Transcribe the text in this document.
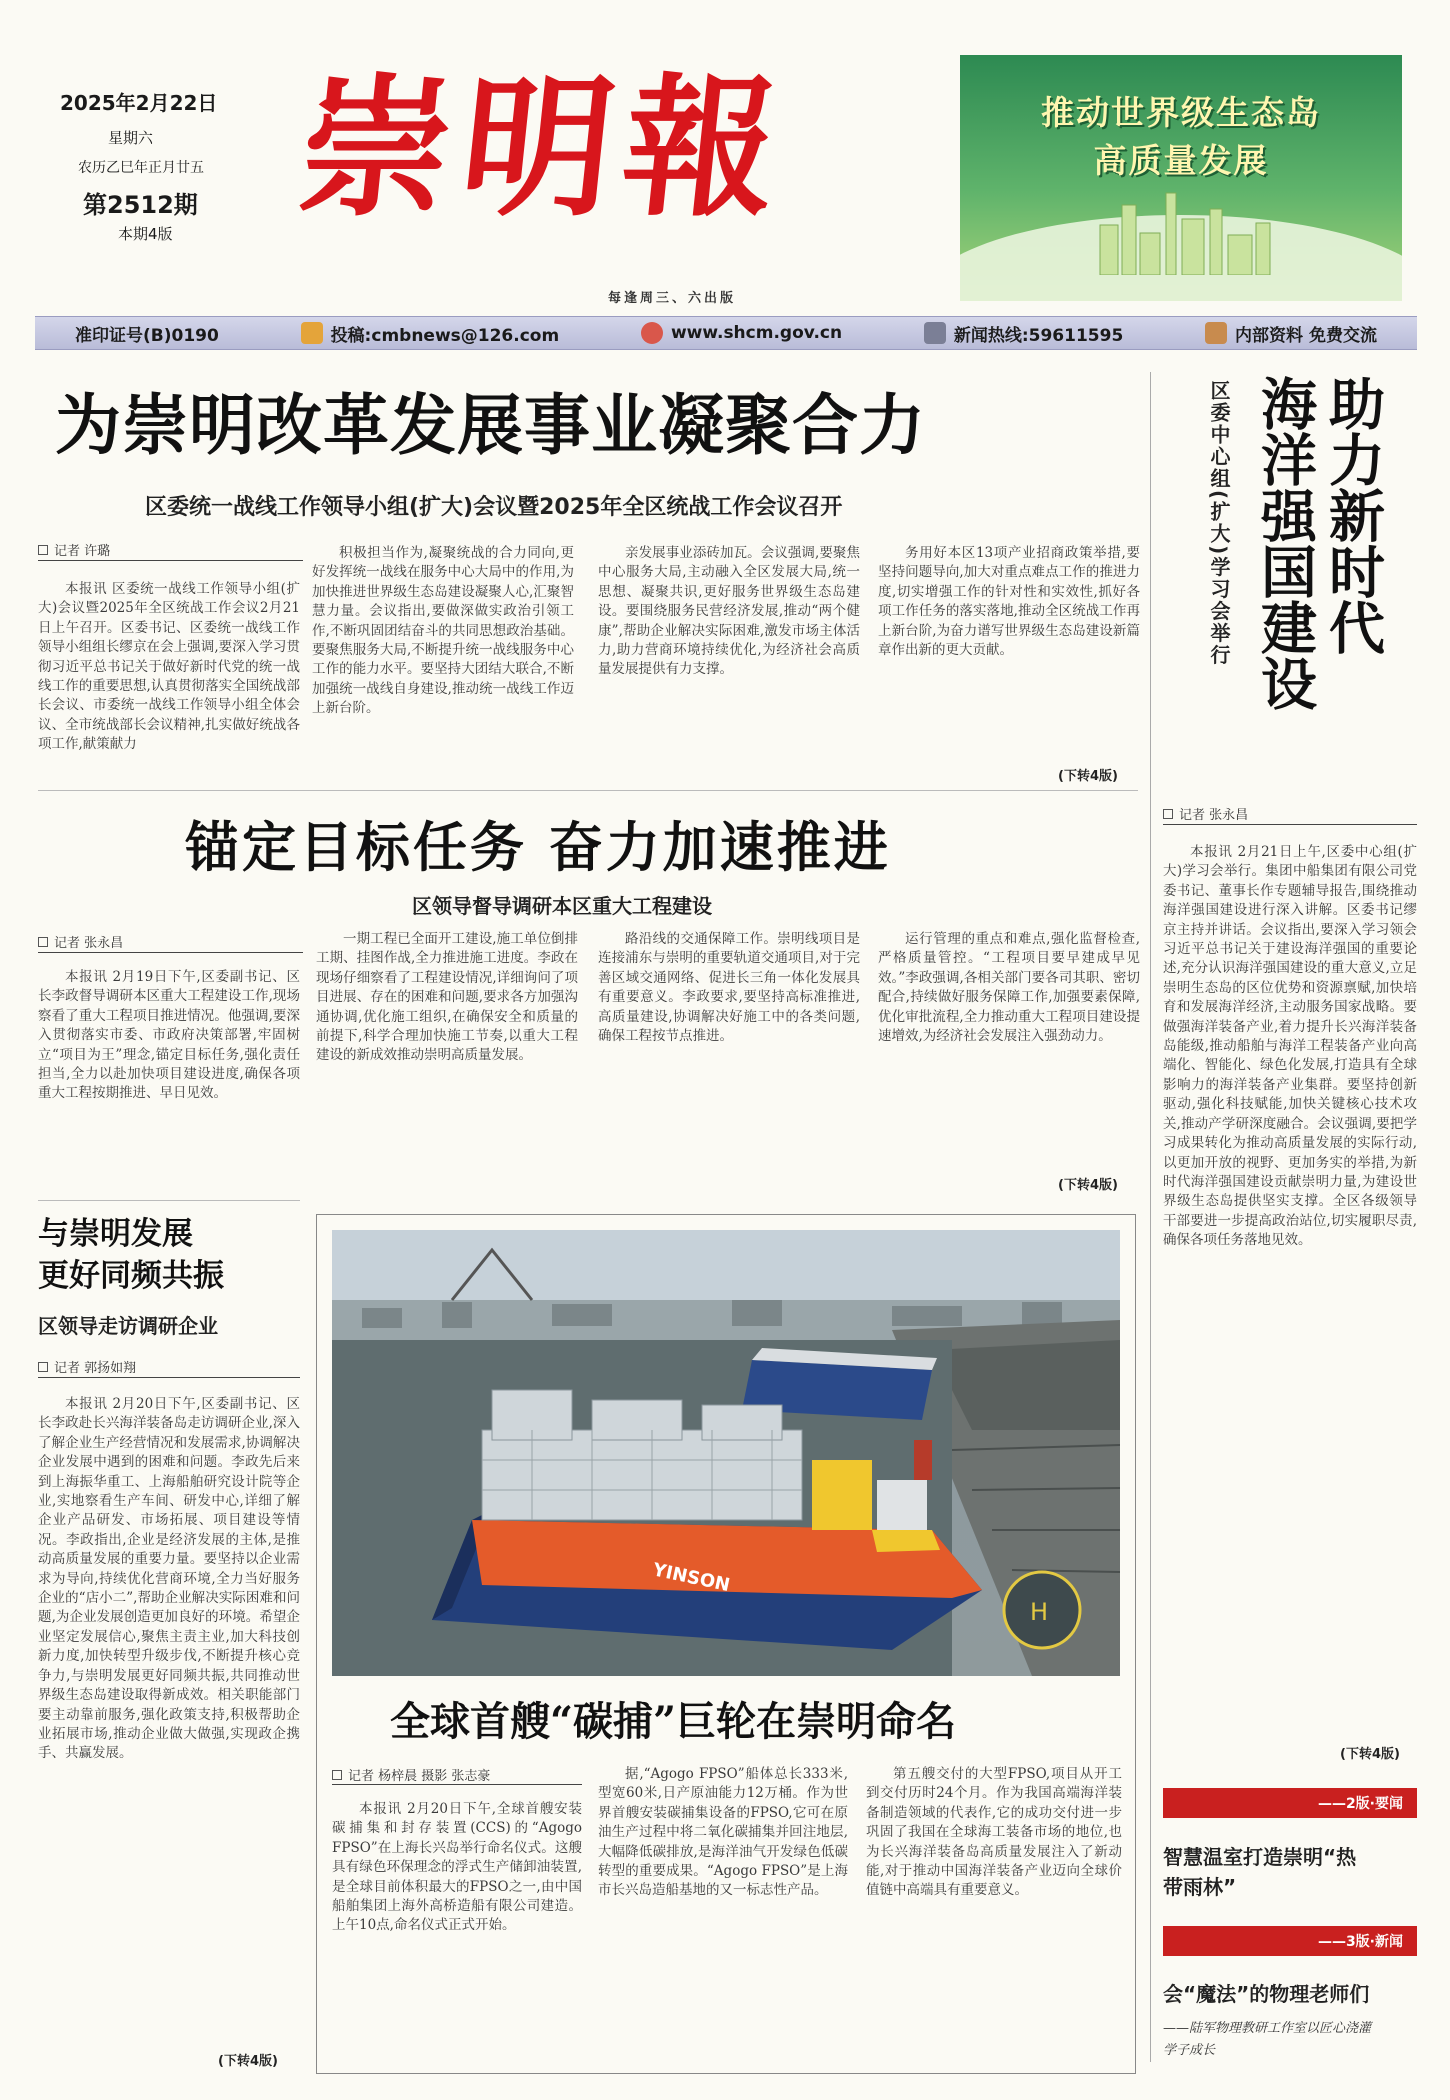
2025年2月22日
星期六
农历乙巳年正月廿五
第2512期
本期4版 崇明報
每逢周三、六出版
推动世界级生态岛
高质量发展
准印证号(B)0190	投稿:cmbnews@126.com	www.shcm.gov.cn	新闻热线:59611595	内部资料 免费交流
为崇明改革发展事业凝聚合力
区委统一战线工作领导小组(扩大)会议暨2025年全区统战工作会议召开
记者 许璐

本报讯 区委统一战线工作领导小组(扩大)会议暨2025年全区统战工作会议2月21日上午召开。区委书记、区委统一战线工作领导小组组长缪京在会上强调,要深入学习贯彻习近平总书记关于做好新时代党的统一战线工作的重要思想,认真贯彻落实全国统战部长会议、市委统一战线工作领导小组全体会议、全市统战部长会议精神,扎实做好统战各项工作,献策献力

积极担当作为,凝聚统战的合力同向,更好发挥统一战线在服务中心大局中的作用,为加快推进世界级生态岛建设凝聚人心,汇聚智慧力量。会议指出,要做深做实政治引领工作,不断巩固团结奋斗的共同思想政治基础。要聚焦服务大局,不断提升统一战线服务中心工作的能力水平。要坚持大团结大联合,不断加强统一战线自身建设,推动统一战线工作迈上新台阶。

亲发展事业添砖加瓦。会议强调,要聚焦中心服务大局,主动融入全区发展大局,统一思想、凝聚共识,更好服务世界级生态岛建设。要围绕服务民营经济发展,推动“两个健康”,帮助企业解决实际困难,激发市场主体活力,助力营商环境持续优化,为经济社会高质量发展提供有力支撑。

务用好本区13项产业招商政策举措,要坚持问题导向,加大对重点难点工作的推进力度,切实增强工作的针对性和实效性,抓好各项工作任务的落实落地,推动全区统战工作再上新台阶,为奋力谱写世界级生态岛建设新篇章作出新的更大贡献。

(下转4版)
助力新时代
海洋强国建设
区委中心组(扩大)学习会举行
记者 张永昌

本报讯 2月21日上午,区委中心组(扩大)学习会举行。集团中船集团有限公司党委书记、董事长作专题辅导报告,围绕推动海洋强国建设进行深入讲解。区委书记缪京主持并讲话。会议指出,要深入学习领会习近平总书记关于建设海洋强国的重要论述,充分认识海洋强国建设的重大意义,立足崇明生态岛的区位优势和资源禀赋,加快培育和发展海洋经济,主动服务国家战略。要做强海洋装备产业,着力提升长兴海洋装备岛能级,推动船舶与海洋工程装备产业向高端化、智能化、绿色化发展,打造具有全球影响力的海洋装备产业集群。要坚持创新驱动,强化科技赋能,加快关键核心技术攻关,推动产学研深度融合。会议强调,要把学习成果转化为推动高质量发展的实际行动,以更加开放的视野、更加务实的举措,为新时代海洋强国建设贡献崇明力量,为建设世界级生态岛提供坚实支撑。全区各级领导干部要进一步提高政治站位,切实履职尽责,确保各项任务落地见效。

(下转4版)
——2版·要闻
智慧温室打造崇明“热带雨林”
——3版·新闻
会“魔法”的物理老师们
——陆军物理教研工作室以匠心浇灌学子成长
锚定目标任务 奋力加速推进
区领导督导调研本区重大工程建设
记者 张永昌

本报讯 2月19日下午,区委副书记、区长李政督导调研本区重大工程建设工作,现场察看了重大工程项目推进情况。他强调,要深入贯彻落实市委、市政府决策部署,牢固树立“项目为王”理念,锚定目标任务,强化责任担当,全力以赴加快项目建设进度,确保各项重大工程按期推进、早日见效。

一期工程已全面开工建设,施工单位倒排工期、挂图作战,全力推进施工进度。李政在现场仔细察看了工程建设情况,详细询问了项目进展、存在的困难和问题,要求各方加强沟通协调,优化施工组织,在确保安全和质量的前提下,科学合理加快施工节奏,以重大工程建设的新成效推动崇明高质量发展。

路沿线的交通保障工作。崇明线项目是连接浦东与崇明的重要轨道交通项目,对于完善区域交通网络、促进长三角一体化发展具有重要意义。李政要求,要坚持高标准推进,高质量建设,协调解决好施工中的各类问题,确保工程按节点推进。

运行管理的重点和难点,强化监督检查,严格质量管控。“工程项目要早建成早见效。”李政强调,各相关部门要各司其职、密切配合,持续做好服务保障工作,加强要素保障,优化审批流程,全力推动重大工程项目建设提速增效,为经济社会发展注入强劲动力。

(下转4版)
与崇明发展
更好同频共振
区领导走访调研企业
记者 郭扬如翔

本报讯 2月20日下午,区委副书记、区长李政赴长兴海洋装备岛走访调研企业,深入了解企业生产经营情况和发展需求,协调解决企业发展中遇到的困难和问题。李政先后来到上海振华重工、上海船舶研究设计院等企业,实地察看生产车间、研发中心,详细了解企业产品研发、市场拓展、项目建设等情况。李政指出,企业是经济发展的主体,是推动高质量发展的重要力量。要坚持以企业需求为导向,持续优化营商环境,全力当好服务企业的“店小二”,帮助企业解决实际困难和问题,为企业发展创造更加良好的环境。希望企业坚定发展信心,聚焦主责主业,加大科技创新力度,加快转型升级步伐,不断提升核心竞争力,与崇明发展更好同频共振,共同推动世界级生态岛建设取得新成效。相关职能部门要主动靠前服务,强化政策支持,积极帮助企业拓展市场,推动企业做大做强,实现政企携手、共赢发展。

(下转4版)
H
YINSON
全球首艘“碳捕”巨轮在崇明命名
记者 杨梓晨 摄影 张志豪

本报讯 2月20日下午,全球首艘安装碳捕集和封存装置(CCS)的“Agogo FPSO”在上海长兴岛举行命名仪式。这艘具有绿色环保理念的浮式生产储卸油装置,是全球目前体积最大的FPSO之一,由中国船舶集团上海外高桥造船有限公司建造。上午10点,命名仪式正式开始。

据,“Agogo FPSO”船体总长333米,型宽60米,日产原油能力12万桶。作为世界首艘安装碳捕集设备的FPSO,它可在原油生产过程中将二氧化碳捕集并回注地层,大幅降低碳排放,是海洋油气开发绿色低碳转型的重要成果。“Agogo FPSO”是上海市长兴岛造船基地的又一标志性产品。

第五艘交付的大型FPSO,项目从开工到交付历时24个月。作为我国高端海洋装备制造领域的代表作,它的成功交付进一步巩固了我国在全球海工装备市场的地位,也为长兴海洋装备岛高质量发展注入了新动能,对于推动中国海洋装备产业迈向全球价值链中高端具有重要意义。
